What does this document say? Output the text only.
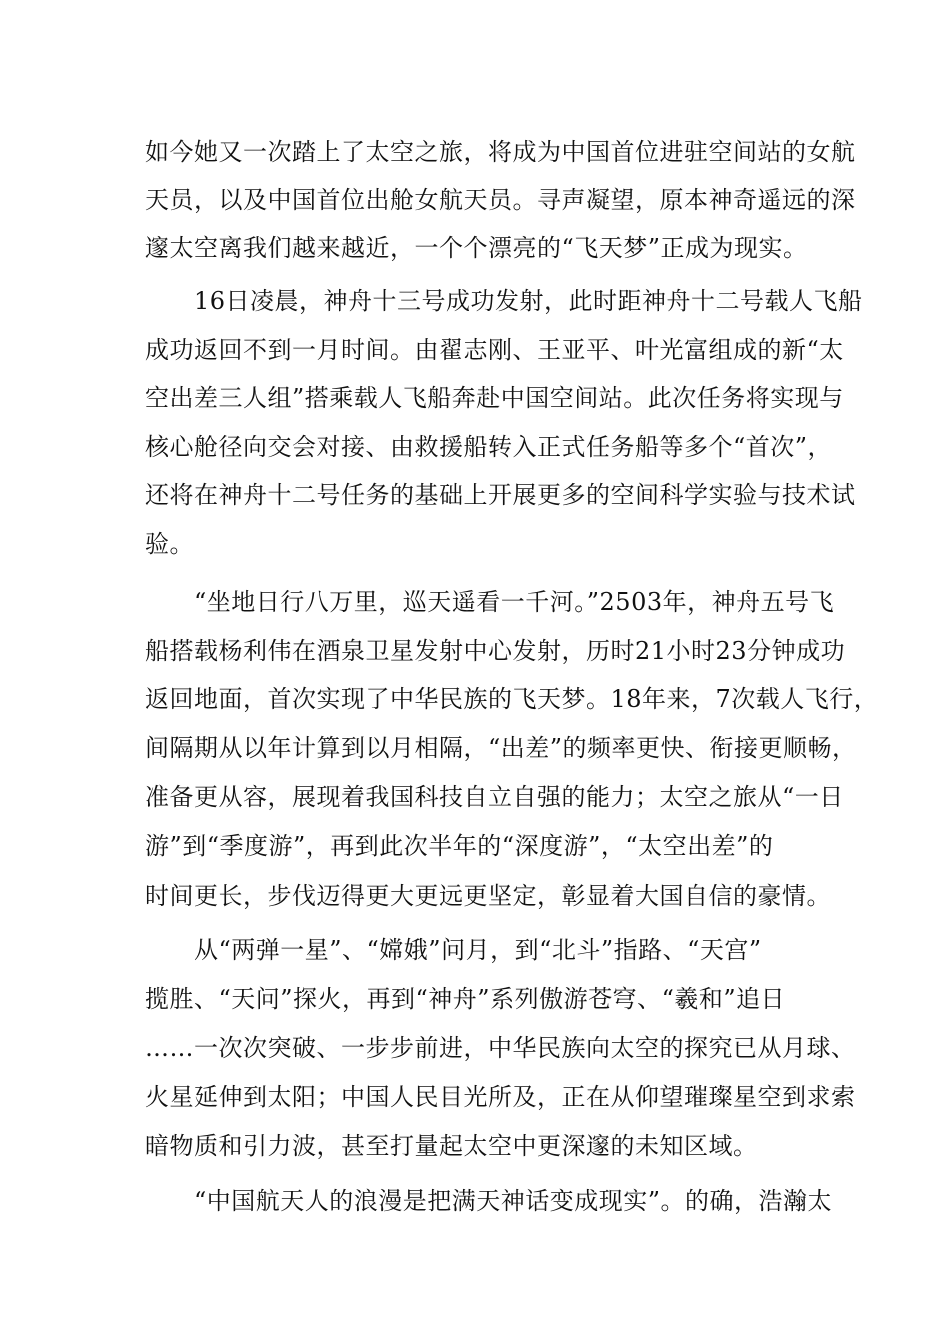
如今她又一次踏上了太空之旅，将成为中国首位进驻空间站的女航
天员，以及中国首位出舱女航天员。寻声凝望，原本神奇遥远的深
邃太空离我们越来越近，一个个漂亮的“飞天梦”正成为现实。
16日凌晨，神舟十三号成功发射，此时距神舟十二号载人飞船
成功返回不到一月时间。由翟志刚、王亚平、叶光富组成的新“太
空出差三人组”搭乘载人飞船奔赴中国空间站。此次任务将实现与
核心舱径向交会对接、由救援船转入正式任务船等多个“首次”，
还将在神舟十二号任务的基础上开展更多的空间科学实验与技术试
验。
“坐地日行八万里，巡天遥看一千河。”2503年，神舟五号飞
船搭载杨利伟在酒泉卫星发射中心发射，历时21小时23分钟成功
返回地面，首次实现了中华民族的飞天梦。18年来，7次载人飞行，
间隔期从以年计算到以月相隔，“出差”的频率更快、衔接更顺畅，
准备更从容，展现着我国科技自立自强的能力；太空之旅从“一日
游”到“季度游”，再到此次半年的“深度游”，“太空出差”的
时间更长，步伐迈得更大更远更坚定，彰显着大国自信的豪情。
从“两弹一星”、“嫦娥”问月，到“北斗”指路、“天宫”
揽胜、“天问”探火，再到“神舟”系列傲游苍穹、“羲和”追日
……一次次突破、一步步前进，中华民族向太空的探究已从月球、
火星延伸到太阳；中国人民目光所及，正在从仰望璀璨星空到求索
暗物质和引力波，甚至打量起太空中更深邃的未知区域。
“中国航天人的浪漫是把满天神话变成现实”。的确，浩瀚太
